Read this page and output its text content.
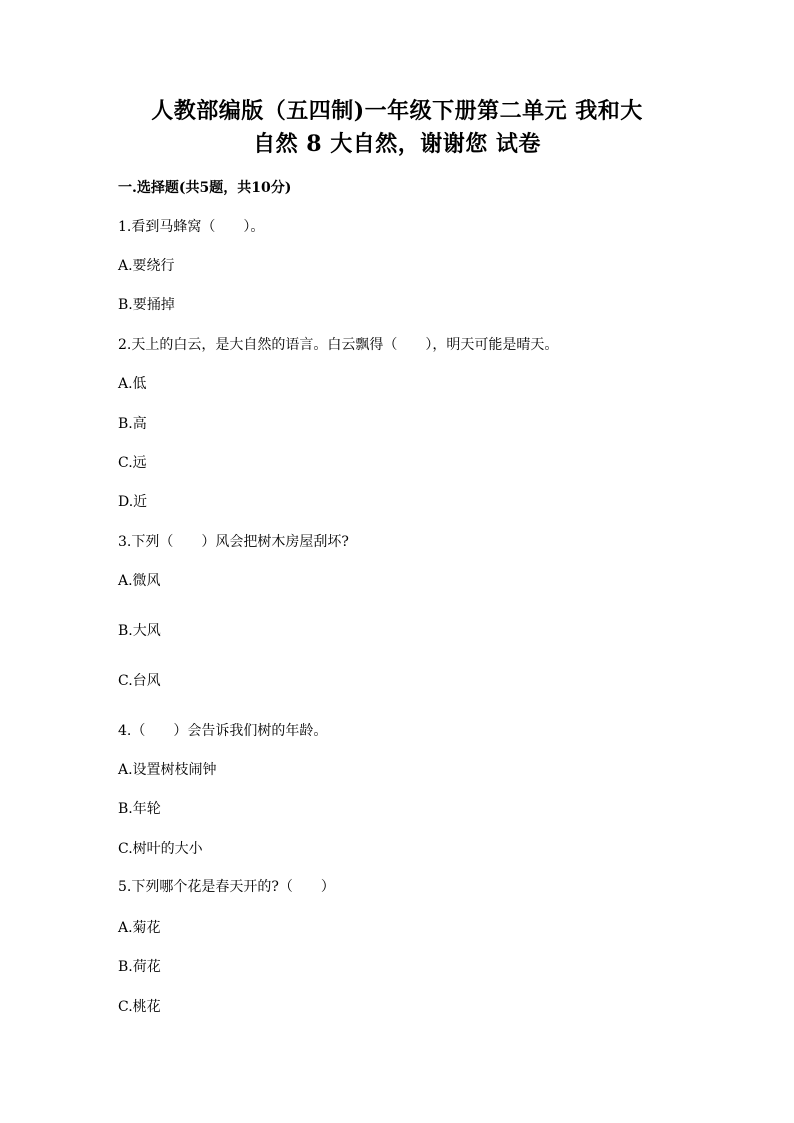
人教部编版（五四制)一年级下册第二单元 我和大
自然 8 大自然，谢谢您 试卷
一.选择题(共5题，共10分)
1.看到马蜂窝（　　）。
A.要绕行
B.要捅掉
2.天上的白云，是大自然的语言。白云飘得（　　），明天可能是晴天。
A.低
B.高
C.远
D.近
3.下列（　　）风会把树木房屋刮坏?
A.微风
B.大风
C.台风
4.（　　）会告诉我们树的年龄。
A.设置树枝闹钟
B.年轮
C.树叶的大小
5.下列哪个花是春天开的?（　　）
A.菊花
B.荷花
C.桃花
